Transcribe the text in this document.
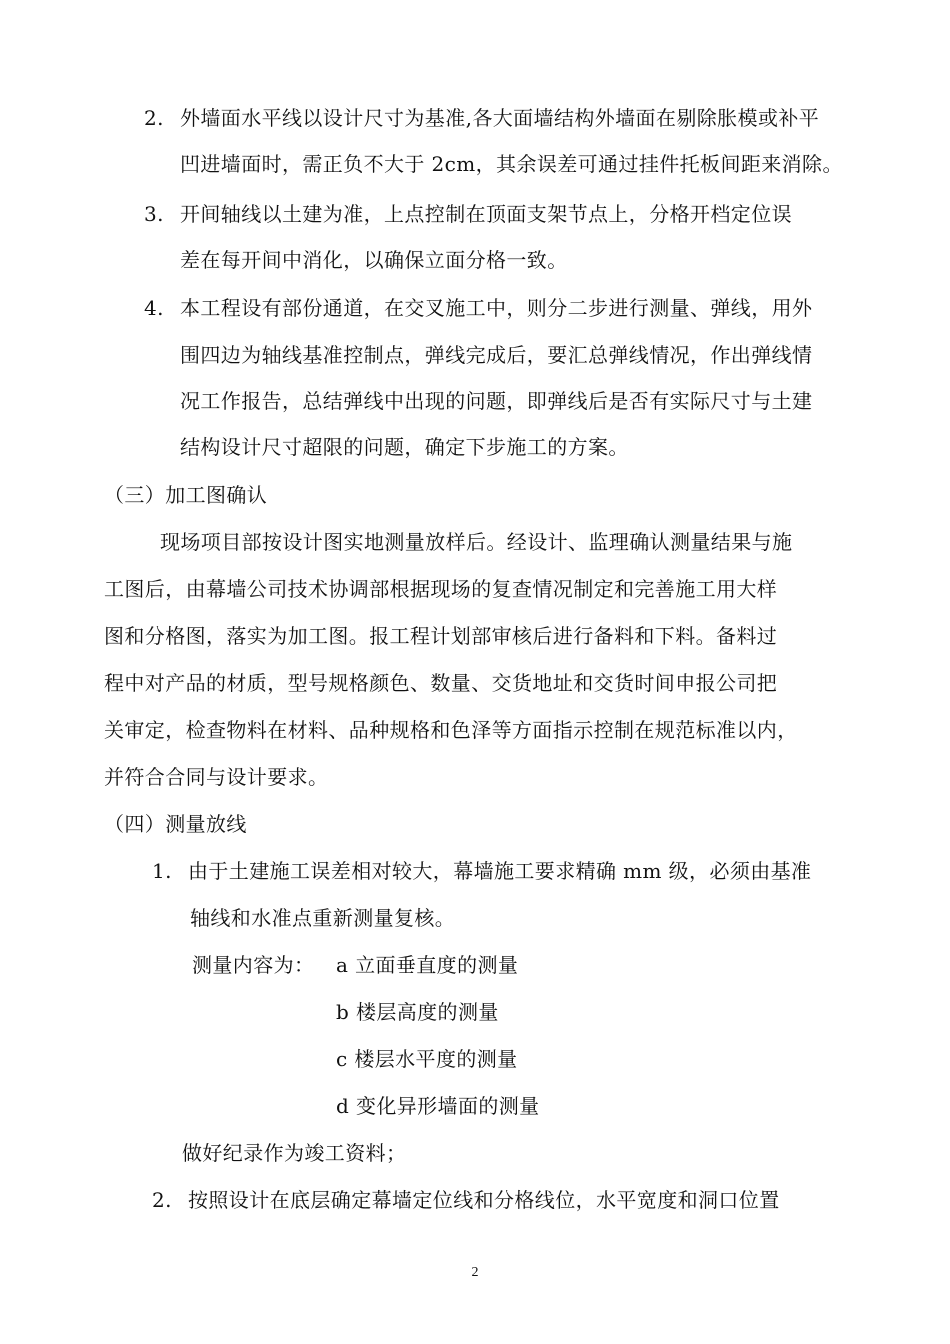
2. 外墙面水平线以设计尺寸为基准,各大面墙结构外墙面在剔除胀模或补平
凹进墙面时，需正负不大于 2cm，其余误差可通过挂件托板间距来消除。
3. 开间轴线以土建为准，上点控制在顶面支架节点上，分格开档定位误
差在每开间中消化，以确保立面分格一致。
4. 本工程设有部份通道，在交叉施工中，则分二步进行测量、弹线，用外
围四边为轴线基准控制点，弹线完成后，要汇总弹线情况，作出弹线情
况工作报告，总结弹线中出现的问题，即弹线后是否有实际尺寸与土建
结构设计尺寸超限的问题，确定下步施工的方案。
（三）加工图确认
现场项目部按设计图实地测量放样后。经设计、监理确认测量结果与施
工图后，由幕墙公司技术协调部根据现场的复查情况制定和完善施工用大样
图和分格图，落实为加工图。报工程计划部审核后进行备料和下料。备料过
程中对产品的材质，型号规格颜色、数量、交货地址和交货时间申报公司把
关审定，检查物料在材料、品种规格和色泽等方面指示控制在规范标准以内，
并符合合同与设计要求。
（四）测量放线
1. 由于土建施工误差相对较大，幕墙施工要求精确 mm 级，必须由基准
轴线和水准点重新测量复核。
测量内容为： a 立面垂直度的测量
b 楼层高度的测量
c 楼层水平度的测量
d 变化异形墙面的测量
做好纪录作为竣工资料；
2. 按照设计在底层确定幕墙定位线和分格线位，水平宽度和洞口位置
2
